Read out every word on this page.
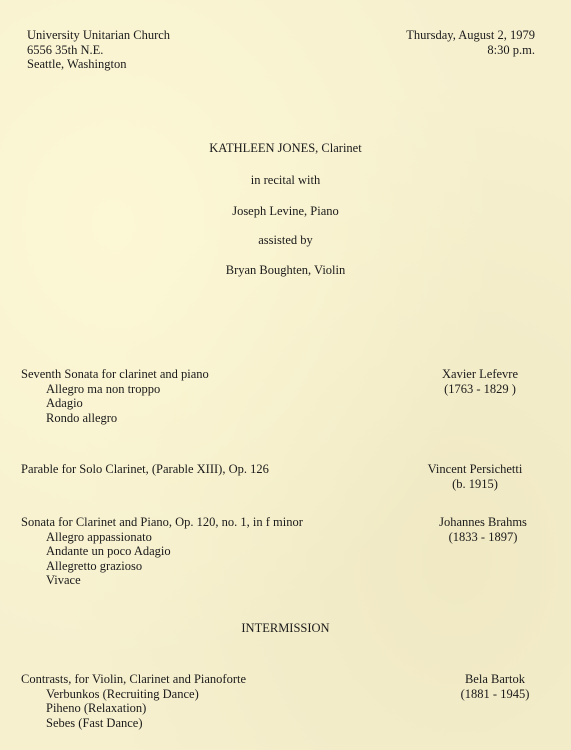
University Unitarian Church
6556 35th N.E.
Seattle, Washington
Thursday, August 2, 1979
8:30 p.m.
KATHLEEN JONES, Clarinet
in recital with
Joseph Levine, Piano
assisted by
Bryan Boughten, Violin
Seventh Sonata for clarinet and piano
Allegro ma non troppo
Adagio
Rondo allegro
Xavier Lefevre
(1763 - 1829 )
Parable for Solo Clarinet, (Parable XIII), Op. 126	Vincent Persichetti
(b. 1915)
Sonata for Clarinet and Piano, Op. 120, no. 1, in f minor
Allegro appassionato
Andante un poco Adagio
Allegretto grazioso
Vivace
Johannes Brahms
(1833 - 1897)
INTERMISSION
Contrasts, for Violin, Clarinet and Pianoforte
Verbunkos (Recruiting Dance)
Piheno (Relaxation)
Sebes (Fast Dance)
Bela Bartok
(1881 - 1945)
